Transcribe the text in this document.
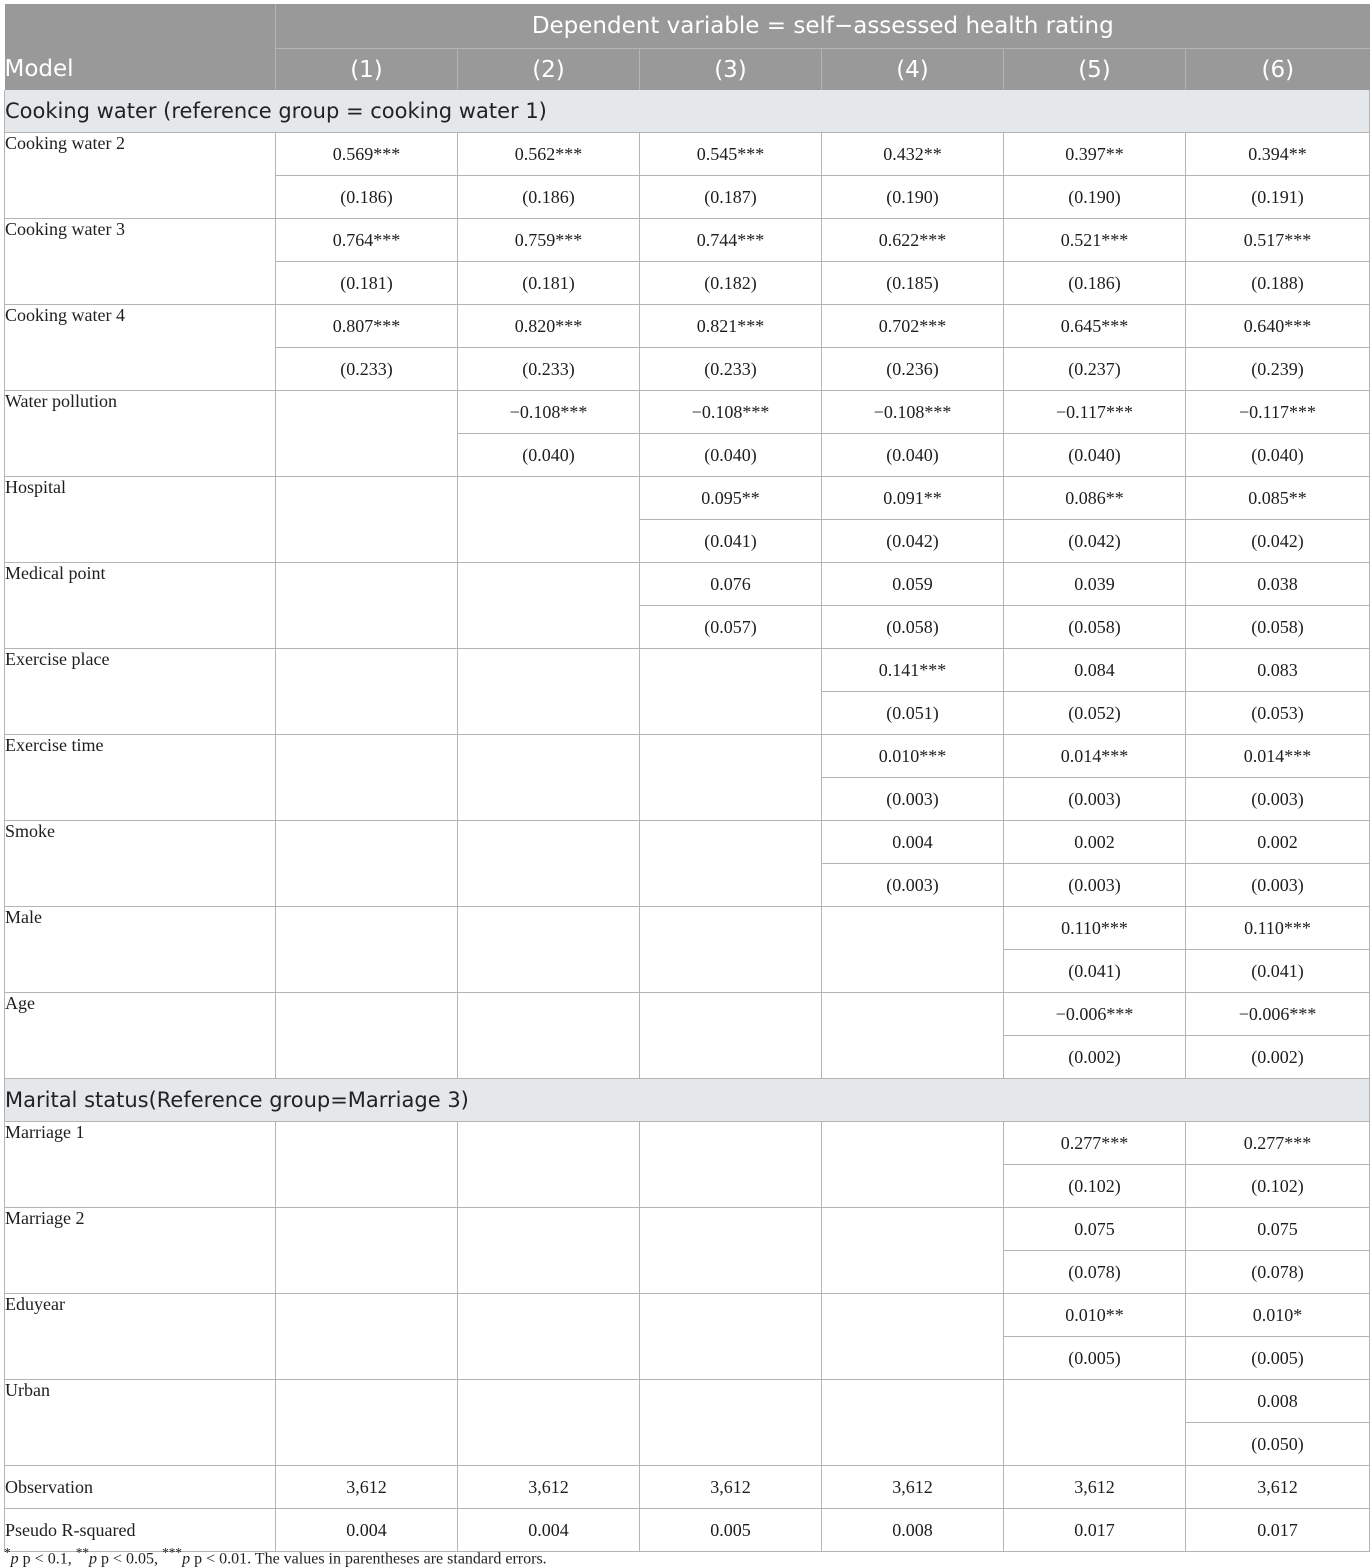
	Dependent variable = self−assessed health rating					
Model	(1)	(2)	(3)	(4)	(5)	(6)
Cooking water (reference group = cooking water 1)						
Cooking water 2	0.569***	0.562***	0.545***	0.432**	0.397**	0.394**
	(0.186)	(0.186)	(0.187)	(0.190)	(0.190)	(0.191)
Cooking water 3	0.764***	0.759***	0.744***	0.622***	0.521***	0.517***
	(0.181)	(0.181)	(0.182)	(0.185)	(0.186)	(0.188)
Cooking water 4	0.807***	0.820***	0.821***	0.702***	0.645***	0.640***
	(0.233)	(0.233)	(0.233)	(0.236)	(0.237)	(0.239)
Water pollution		−0.108***	−0.108***	−0.108***	−0.117***	−0.117***
		(0.040)	(0.040)	(0.040)	(0.040)	(0.040)
Hospital			0.095**	0.091**	0.086**	0.085**
			(0.041)	(0.042)	(0.042)	(0.042)
Medical point			0.076	0.059	0.039	0.038
			(0.057)	(0.058)	(0.058)	(0.058)
Exercise place				0.141***	0.084	0.083
				(0.051)	(0.052)	(0.053)
Exercise time				0.010***	0.014***	0.014***
				(0.003)	(0.003)	(0.003)
Smoke				0.004	0.002	0.002
				(0.003)	(0.003)	(0.003)
Male					0.110***	0.110***
					(0.041)	(0.041)
Age					−0.006***	−0.006***
					(0.002)	(0.002)
Marital status(Reference group=Marriage 3)						
Marriage 1					0.277***	0.277***
					(0.102)	(0.102)
Marriage 2					0.075	0.075
					(0.078)	(0.078)
Eduyear					0.010**	0.010*
					(0.005)	(0.005)
Urban						0.008
						(0.050)
Observation	3,612	3,612	3,612	3,612	3,612	3,612
Pseudo R-squared	0.004	0.004	0.005	0.008	0.017	0.017
*p p < 0.1, **p p < 0.05, ***p p < 0.01. The values in parentheses are standard errors.
